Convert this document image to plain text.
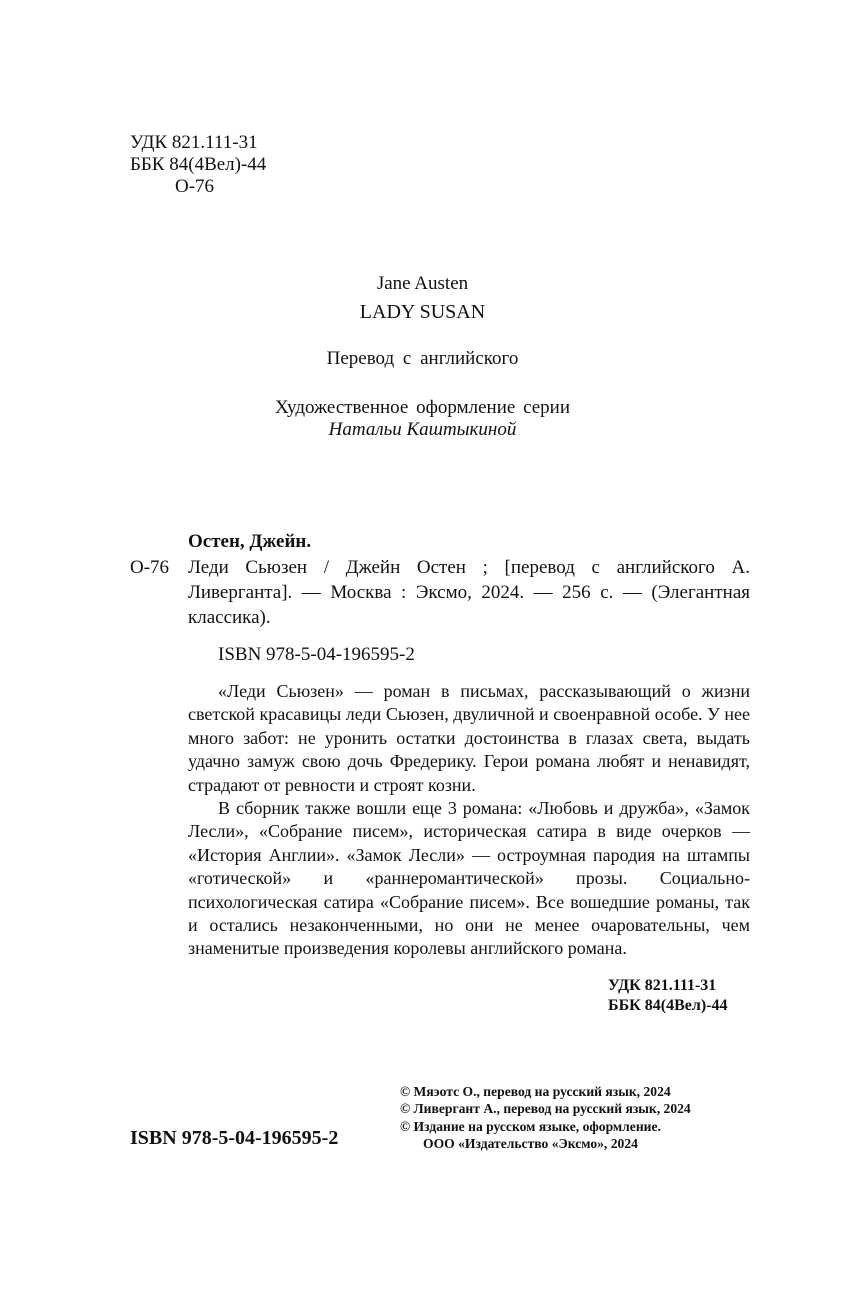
УДК 821.111-31
ББК 84(4Вел)-44
О-76
Jane Austen
LADY SUSAN
Перевод с английского
Художественное оформление серии
Натальи Каштыкиной
Остен, Джейн.
О-76 Леди Сьюзен / Джейн Остен ; [перевод с английского А. Ливерганта]. — Москва : Эксмо, 2024. — 256 с. — (Элегантная классика).
ISBN 978-5-04-196595-2

«Леди Сьюзен» — роман в письмах, рассказывающий о жизни светской красавицы леди Сьюзен, двуличной и своенравной особе. У нее много забот: не уронить остатки достоинства в глазах света, выдать удачно замуж свою дочь Фредерику. Герои романа любят и ненавидят, страдают от ревности и строят козни.

В сборник также вошли еще 3 романа: «Любовь и дружба», «Замок Лесли», «Собрание писем», историческая сатира в виде очерков — «История Англии». «Замок Лесли» — остроумная пародия на штампы «готической» и «раннеромантической» прозы. Социально-психологическая сатира «Собрание писем». Все вошедшие романы, так и остались незаконченными, но они не менее очаровательны, чем знаменитые произведения королевы английского романа.

УДК 821.111-31
ББК 84(4Вел)-44
ISBN 978-5-04-196595-2
© Мяэотс О., перевод на русский язык, 2024
© Ливергант А., перевод на русский язык, 2024
© Издание на русском языке, оформление.
ООО «Издательство «Эксмо», 2024
